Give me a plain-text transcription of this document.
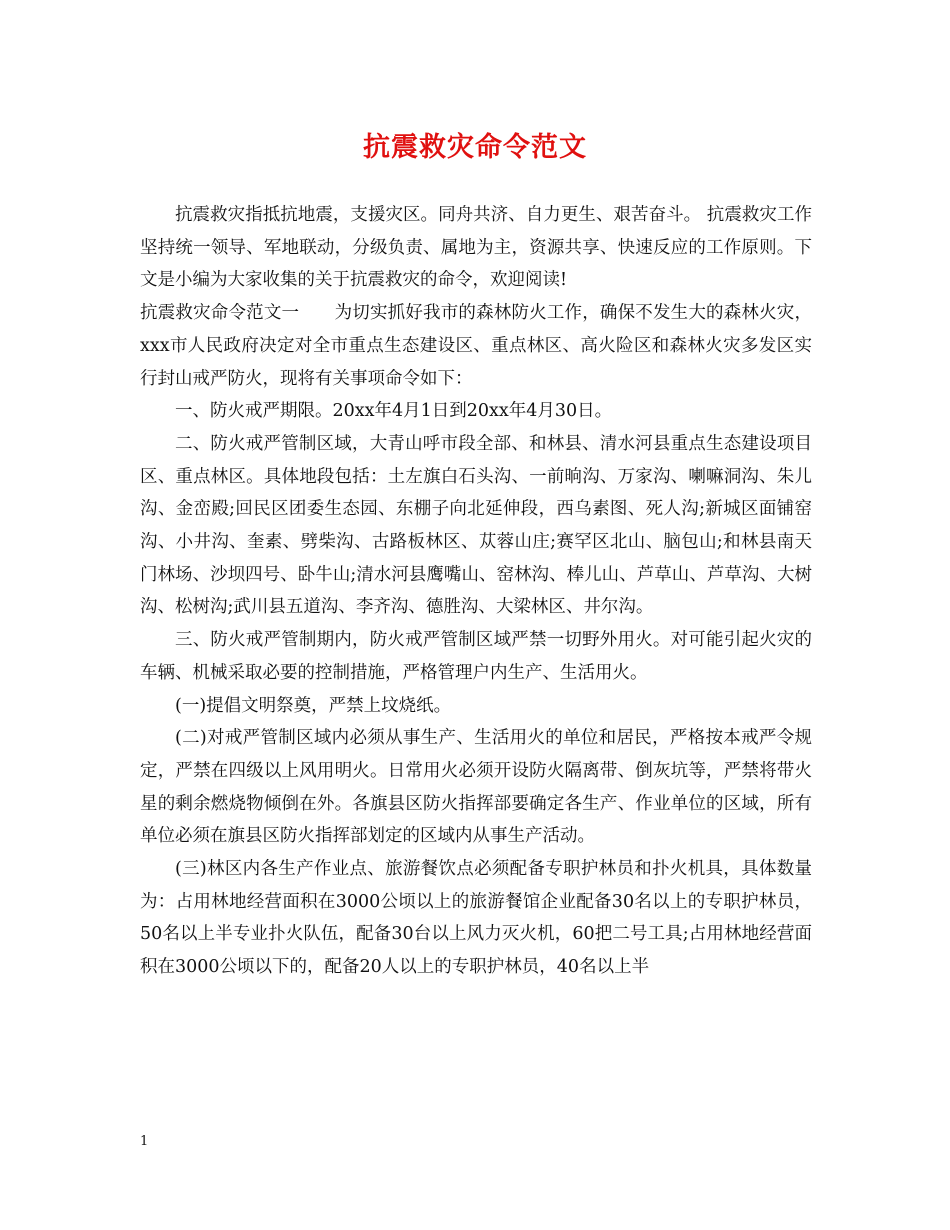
抗震救灾命令范文

抗震救灾指抵抗地震，支援灾区。同舟共济、自力更生、艰苦奋斗。 抗震救灾工作坚持统一领导、军地联动，分级负责、属地为主，资源共享、快速反应的工作原则。下文是小编为大家收集的关于抗震救灾的命令，欢迎阅读!

抗震救灾命令范文一　　为切实抓好我市的森林防火工作，确保不发生大的森林火灾，xxx市人民政府决定对全市重点生态建设区、重点林区、高火险区和森林火灾多发区实行封山戒严防火，现将有关事项命令如下：

一、防火戒严期限。20xx年4月1日到20xx年4月30日。

二、防火戒严管制区域，大青山呼市段全部、和林县、清水河县重点生态建设项目区、重点林区。具体地段包括：土左旗白石头沟、一前晌沟、万家沟、喇嘛洞沟、朱儿沟、金峦殿;回民区团委生态园、东棚子向北延伸段，西乌素图、死人沟;新城区面铺窑沟、小井沟、奎素、劈柴沟、古路板林区、苁蓉山庄;赛罕区北山、脑包山;和林县南天门林场、沙坝四号、卧牛山;清水河县鹰嘴山、窑林沟、棒儿山、芦草山、芦草沟、大树沟、松树沟;武川县五道沟、李齐沟、德胜沟、大梁林区、井尔沟。

三、防火戒严管制期内，防火戒严管制区域严禁一切野外用火。对可能引起火灾的车辆、机械采取必要的控制措施，严格管理户内生产、生活用火。

(一)提倡文明祭奠，严禁上坟烧纸。

(二)对戒严管制区域内必须从事生产、生活用火的单位和居民，严格按本戒严令规定，严禁在四级以上风用明火。日常用火必须开设防火隔离带、倒灰坑等，严禁将带火星的剩余燃烧物倾倒在外。各旗县区防火指挥部要确定各生产、作业单位的区域，所有单位必须在旗县区防火指挥部划定的区域内从事生产活动。

(三)林区内各生产作业点、旅游餐饮点必须配备专职护林员和扑火机具，具体数量为：占用林地经营面积在3000公顷以上的旅游餐馆企业配备30名以上的专职护林员，50名以上半专业扑火队伍，配备30台以上风力灭火机，60把二号工具;占用林地经营面积在3000公顷以下的，配备20人以上的专职护林员，40名以上半

1
